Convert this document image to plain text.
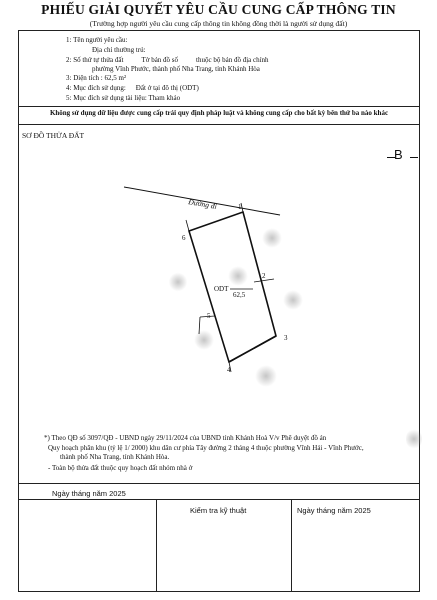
PHIẾU GIẢI QUYẾT YÊU CẦU CUNG CẤP THÔNG TIN
(Trường hợp người yêu cầu cung cấp thông tin không đồng thời là người sử dụng đất)
1: Tên người yêu cầu:
Địa chỉ thường trú:
2: Số thứ tự thửa đất	Tờ bản đồ số	thuộc bộ bản đồ địa chính
phường Vĩnh Phước, thành phố Nha Trang, tỉnh Khánh Hòa
3: Diện tích : 62,5 m²
4: Mục đích sử dụng: Đất ở tại đô thị (ODT)
5: Mục đích sử dụng tài liệu: Tham khảo
Không sử dụng dữ liệu được cung cấp trái quy định pháp luật và không cung cấp cho bất kỳ bên thứ ba nào khác
SƠ ĐỒ THỬA ĐẤT
B
Đường đi
ODT
62,5
1
2
3
4
5
6
*) Theo QĐ số 3097/QĐ - UBND ngày 29/11/2024 của UBND tỉnh Khánh Hoà V/v Phê duyệt đồ án
Quy hoạch phân khu (tỷ lệ 1/ 2000) khu dân cư phía Tây đường 2 tháng 4 thuộc phường Vĩnh Hải - Vĩnh Phước,
thành phố Nha Trang, tỉnh Khánh Hòa.
- Toàn bộ thửa đất thuộc quy hoạch đất nhóm nhà ở
Ngày tháng năm 2025
Ngày tháng năm 2025
Kiểm tra kỹ thuật
